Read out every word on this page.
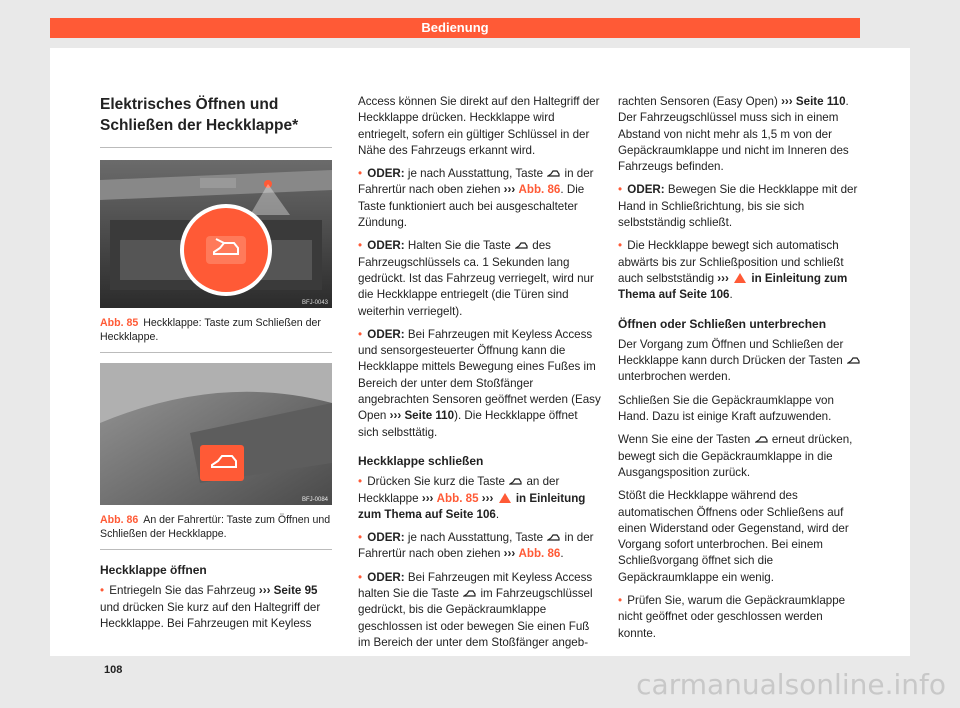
Bedienung
Elektrisches Öffnen und Schließen der Heckklappe*
BFJ-0043
Abb. 85 Heckklappe: Taste zum Schließen der Heckklappe.
BFJ-0084
Abb. 86 An der Fahrertür: Taste zum Öffnen und Schließen der Heckklappe.
Heckklappe öffnen

• Entriegeln Sie das Fahrzeug ››› Seite 95
und drücken Sie kurz auf den Haltegriff der Heckklappe. Bei Fahrzeugen mit Keyless

108

Access können Sie direkt auf den Haltegriff der Heckklappe drücken. Heckklappe wird entriegelt, sofern ein gültiger Schlüssel in der Nähe des Fahrzeugs erkannt wird.

• ODER: je nach Ausstattung, Taste in der Fahrertür nach oben ziehen ››› Abb. 86. Die Taste funktioniert auch bei ausgeschalteter Zündung.

• ODER: Halten Sie die Taste des Fahrzeugschlüssels ca. 1 Sekunden lang gedrückt. Ist das Fahrzeug verriegelt, wird nur die Heckklappe entriegelt (die Türen sind weiterhin verriegelt).

• ODER: Bei Fahrzeugen mit Keyless Access und sensorgesteuerter Öffnung kann die Heckklappe mittels Bewegung eines Fußes im Bereich der unter dem Stoßfänger angebrachten Sensoren geöffnet werden (Easy Open ››› Seite 110). Die Heckklappe öffnet sich selbsttätig.

Heckklappe schließen

• Drücken Sie kurz die Taste an der Heckklappe ››› Abb. 85 ››› in Einleitung zum Thema auf Seite 106.

• ODER: je nach Ausstattung, Taste in der Fahrertür nach oben ziehen ››› Abb. 86.

• ODER: Bei Fahrzeugen mit Keyless Access halten Sie die Taste im Fahrzeugschlüssel gedrückt, bis die Gepäckraumklappe geschlossen ist oder bewegen Sie einen Fuß im Bereich der unter dem Stoßfänger angeb-

rachten Sensoren (Easy Open) ››› Seite 110. Der Fahrzeugschlüssel muss sich in einem Abstand von nicht mehr als 1,5 m von der Gepäckraumklappe und nicht im Inneren des Fahrzeugs befinden.

• ODER: Bewegen Sie die Heckklappe mit der Hand in Schließrichtung, bis sie sich selbstständig schließt.

• Die Heckklappe bewegt sich automatisch abwärts bis zur Schließposition und schließt auch selbstständig ››› in Einleitung zum Thema auf Seite 106.

Öffnen oder Schließen unterbrechen

Der Vorgang zum Öffnen und Schließen der Heckklappe kann durch Drücken der Tasten
unterbrochen werden.

Schließen Sie die Gepäckraumklappe von Hand. Dazu ist einige Kraft aufzuwenden.

Wenn Sie eine der Tasten erneut drücken, bewegt sich die Gepäckraumklappe in die Ausgangsposition zurück.

Stößt die Heckklappe während des automatischen Öffnens oder Schließens auf einen Widerstand oder Gegenstand, wird der Vorgang sofort unterbrochen. Bei einem Schließvorgang öffnet sich die Gepäckraumklappe ein wenig.

• Prüfen Sie, warum die Gepäckraumklappe nicht geöffnet oder geschlossen werden konnte.

carmanualsonline.info
